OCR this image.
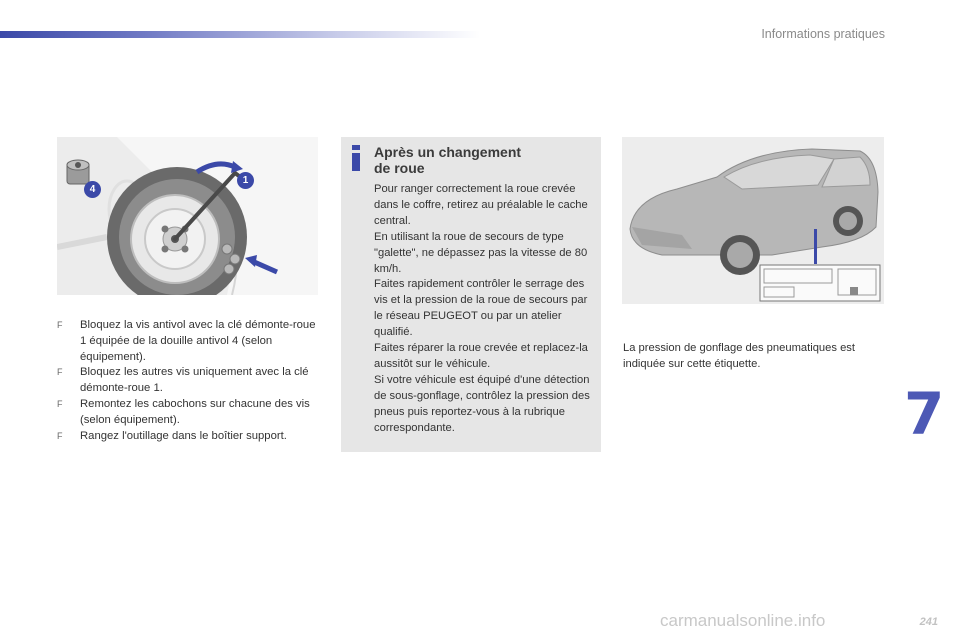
Informations pratiques
4
1
F Bloquez la vis antivol avec la clé démonte-roue 1 équipée de la douille antivol 4 (selon équipement).
F Bloquez les autres vis uniquement avec la clé démonte-roue 1.
F Remontez les cabochons sur chacune des vis (selon équipement).
F Rangez l'outillage dans le boîtier support.
Après un changement
de roue
Pour ranger correctement la roue crevée dans le coffre, retirez au préalable le cache central.
En utilisant la roue de secours de type "galette", ne dépassez pas la vitesse de 80 km/h.
Faites rapidement contrôler le serrage des vis et la pression de la roue de secours par le réseau PEUGEOT ou par un atelier qualifié.
Faites réparer la roue crevée et replacez-la aussitôt sur le véhicule.
Si votre véhicule est équipé d'une détection de sous-gonflage, contrôlez la pression des pneus puis reportez-vous à la rubrique correspondante.
La pression de gonflage des pneumatiques est indiquée sur cette étiquette.
7
carmanualsonline.info	241
